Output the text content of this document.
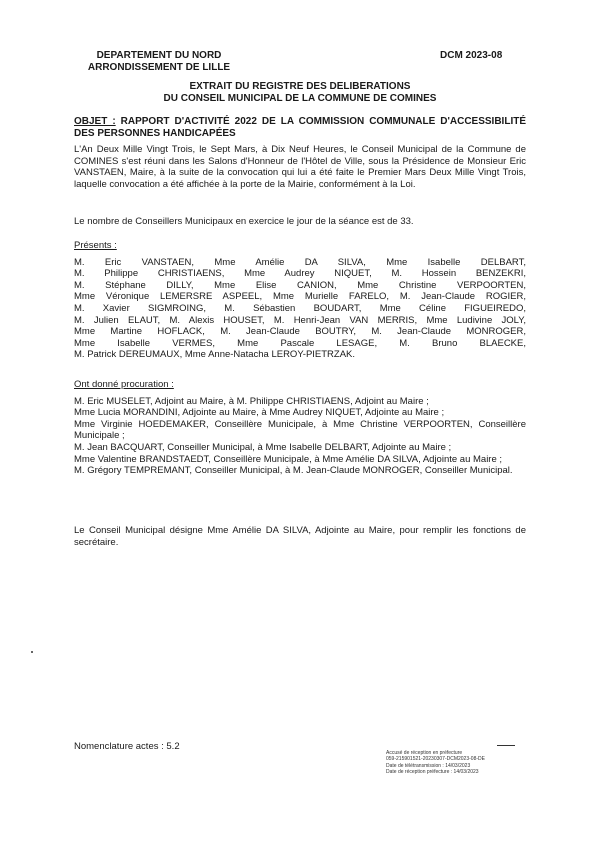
DEPARTEMENT DU NORD
ARRONDISSEMENT DE LILLE
DCM 2023-08
EXTRAIT DU REGISTRE DES DELIBERATIONS
DU CONSEIL MUNICIPAL DE LA COMMUNE DE COMINES
OBJET : RAPPORT D'ACTIVITÉ 2022 DE LA COMMISSION COMMUNALE D'ACCESSIBILITÉ DES PERSONNES HANDICAPÉES

L'An Deux Mille Vingt Trois, le Sept Mars, à Dix Neuf Heures, le Conseil Municipal de la Commune de COMINES s'est réuni dans les Salons d'Honneur de l'Hôtel de Ville, sous la Présidence de Monsieur Eric VANSTAEN, Maire, à la suite de la convocation qui lui a été faite le Premier Mars Deux Mille Vingt Trois, laquelle convocation a été affichée à la porte de la Mairie, conformément à la Loi.

Le nombre de Conseillers Municipaux en exercice le jour de la séance est de 33.

Présents :

M. Eric VANSTAEN, Mme Amélie DA SILVA, Mme Isabelle DELBART,

M. Philippe CHRISTIAENS, Mme Audrey NIQUET, M. Hossein BENZEKRI,

M. Stéphane DILLY, Mme Elise CANION, Mme Christine VERPOORTEN,

Mme Véronique LEMERSRE ASPEEL, Mme Murielle FARELO, M. Jean-Claude ROGIER,

M. Xavier SIGMROING, M. Sébastien BOUDART, Mme Céline FIGUEIREDO,

M. Julien ELAUT, M. Alexis HOUSET, M. Henri-Jean VAN MERRIS, Mme Ludivine JOLY,

Mme Martine HOFLACK, M. Jean-Claude BOUTRY, M. Jean-Claude MONROGER,

Mme Isabelle VERMES, Mme Pascale LESAGE, M. Bruno BLAECKE,

M. Patrick DEREUMAUX, Mme Anne-Natacha LEROY-PIETRZAK.

Ont donné procuration :

M. Eric MUSELET, Adjoint au Maire, à M. Philippe CHRISTIAENS, Adjoint au Maire ;

Mme Lucia MORANDINI, Adjointe au Maire, à Mme Audrey NIQUET, Adjointe au Maire ;

Mme Virginie HOEDEMAKER, Conseillère Municipale, à Mme Christine VERPOORTEN, Conseillère Municipale ;

M. Jean BACQUART, Conseiller Municipal, à Mme Isabelle DELBART, Adjointe au Maire ;

Mme Valentine BRANDSTAEDT, Conseillère Municipale, à Mme Amélie DA SILVA, Adjointe au Maire ;

M. Grégory TEMPREMANT, Conseiller Municipal, à M. Jean-Claude MONROGER, Conseiller Municipal.

Le Conseil Municipal désigne Mme Amélie DA SILVA, Adjointe au Maire, pour remplir les fonctions de secrétaire.

Nomenclature actes : 5.2
Accusé de réception en préfecture
059-215901521-20230307-DCM2023-08-DE
Date de télétransmission : 14/03/2023
Date de réception préfecture : 14/03/2023
